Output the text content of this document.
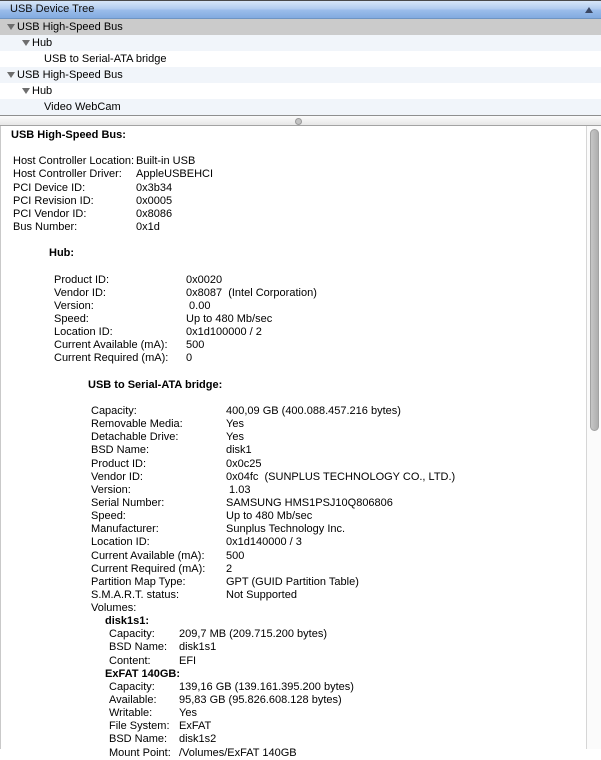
USB Device Tree
USB High-Speed Bus
Hub
USB to Serial-ATA bridge
USB High-Speed Bus
Hub
Video WebCam
USB High-Speed Bus:
Host Controller Location: Built-in USB
Host Controller Driver: AppleUSBEHCI
PCI Device ID:	0x3b34
PCI Revision ID:	0x0005
PCI Vendor ID:	0x8086
Bus Number:	0x1d
Hub:
Product ID:	0x0020
Vendor ID:	0x8087  (Intel Corporation)
Version:	0.00
Speed:	Up to 480 Mb/sec
Location ID:	0x1d100000 / 2
Current Available (mA): 500
Current Required (mA): 0
USB to Serial-ATA bridge:
Capacity:	400,09 GB (400.088.457.216 bytes)
Removable Media:	Yes
Detachable Drive:	Yes
BSD Name:	disk1
Product ID:	0x0c25
Vendor ID:	0x04fc  (SUNPLUS TECHNOLOGY CO., LTD.)
Version:	1.03
Serial Number:	SAMSUNG HMS1PSJ10Q806806
Speed:	Up to 480 Mb/sec
Manufacturer:	Sunplus Technology Inc.
Location ID:	0x1d140000 / 3
Current Available (mA): 500
Current Required (mA): 2
Partition Map Type:	GPT (GUID Partition Table)
S.M.A.R.T. status:	Not Supported
Volumes:
disk1s1:
Capacity: 209,7 MB (209.715.200 bytes)
BSD Name: disk1s1
Content:	EFI
ExFAT 140GB:
Capacity: 139,16 GB (139.161.395.200 bytes)
Available: 95,83 GB (95.826.608.128 bytes)
Writable: Yes
File System: ExFAT
BSD Name: disk1s2
Mount Point: /Volumes/ExFAT 140GB
